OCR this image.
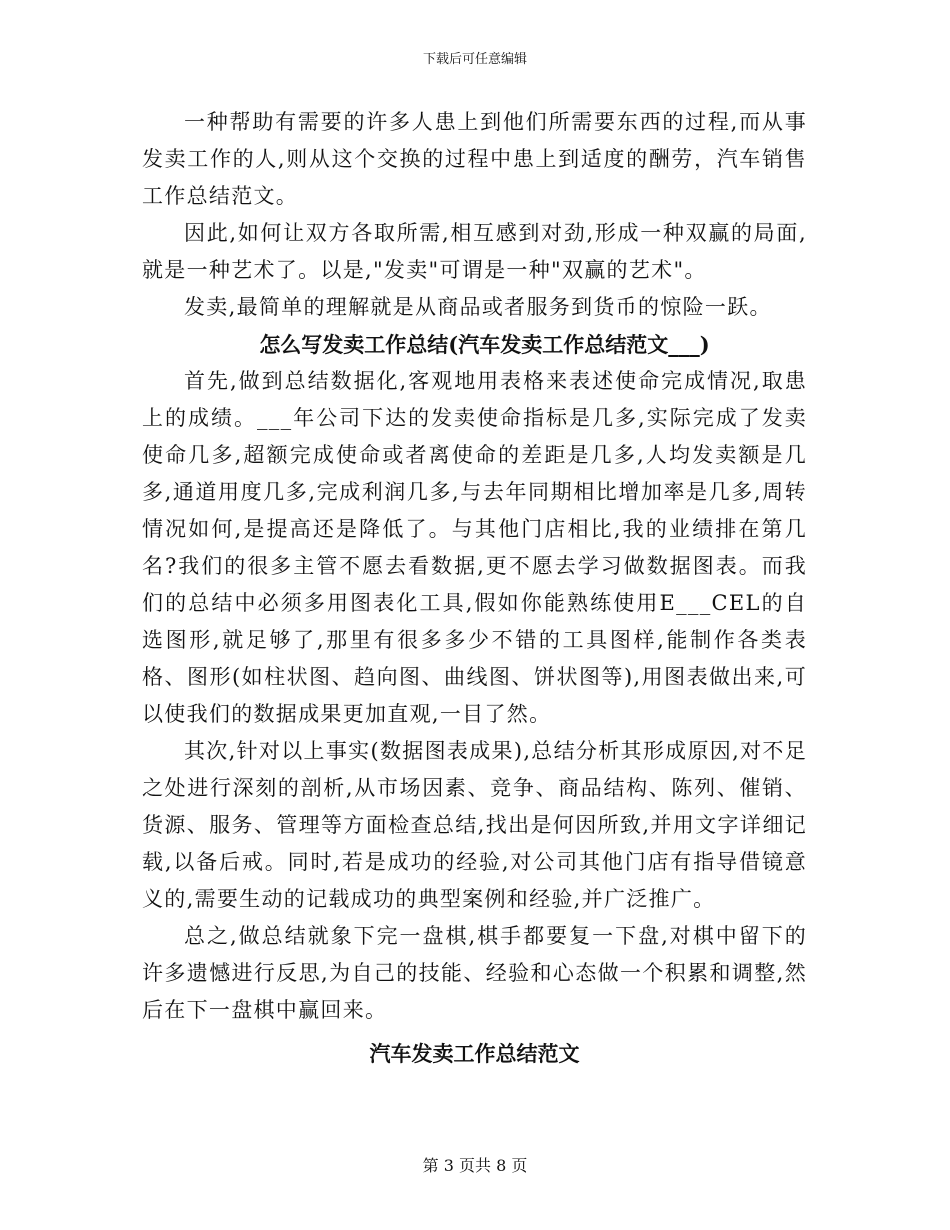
下载后可任意编辑

一种帮助有需要的许多人患上到他们所需要东西的过程,而从事发卖工作的人,则从这个交换的过程中患上到适度的酬劳，汽车销售工作总结范文。

因此,如何让双方各取所需,相互感到对劲,形成一种双赢的局面,就是一种艺术了。以是,"发卖"可谓是一种"双赢的艺术"。

发卖,最简单的理解就是从商品或者服务到货币的惊险一跃。

怎么写发卖工作总结(汽车发卖工作总结范文___)

首先,做到总结数据化,客观地用表格来表述使命完成情况,取患上的成绩。___年公司下达的发卖使命指标是几多,实际完成了发卖使命几多,超额完成使命或者离使命的差距是几多,人均发卖额是几多,通道用度几多,完成利润几多,与去年同期相比增加率是几多,周转情况如何,是提高还是降低了。与其他门店相比,我的业绩排在第几名?我们的很多主管不愿去看数据,更不愿去学习做数据图表。而我们的总结中必须多用图表化工具,假如你能熟练使用E___CEL的自选图形,就足够了,那里有很多多少不错的工具图样,能制作各类表格、图形(如柱状图、趋向图、曲线图、饼状图等),用图表做出来,可以使我们的数据成果更加直观,一目了然。

其次,针对以上事实(数据图表成果),总结分析其形成原因,对不足之处进行深刻的剖析,从市场因素、竞争、商品结构、陈列、催销、货源、服务、管理等方面检查总结,找出是何因所致,并用文字详细记载,以备后戒。同时,若是成功的经验,对公司其他门店有指导借镜意义的,需要生动的记载成功的典型案例和经验,并广泛推广。

总之,做总结就象下完一盘棋,棋手都要复一下盘,对棋中留下的许多遗憾进行反思,为自己的技能、经验和心态做一个积累和调整,然后在下一盘棋中赢回来。

汽车发卖工作总结范文
第 3 页共 8 页
